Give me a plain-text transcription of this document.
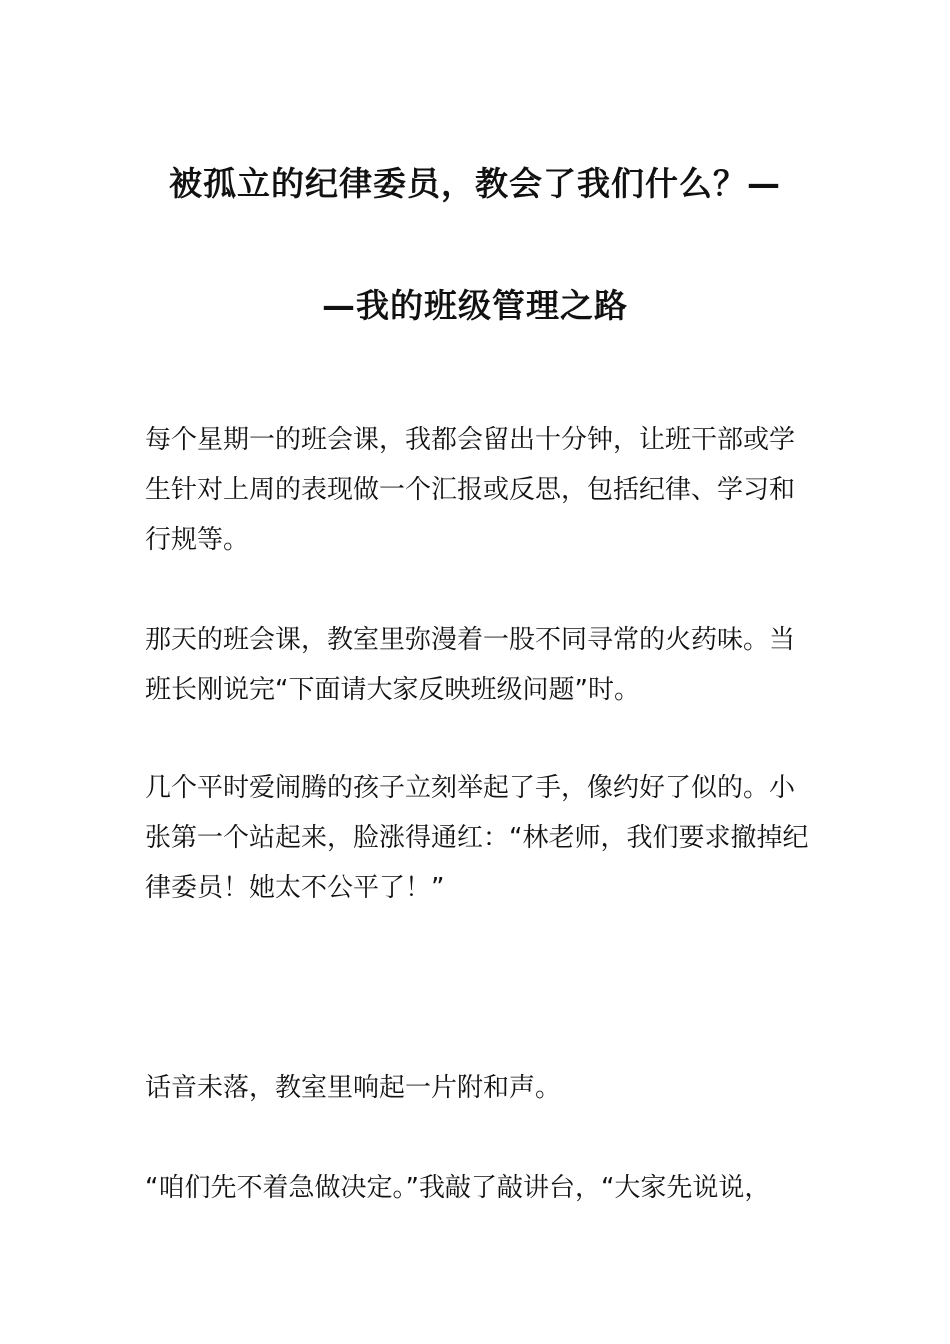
被孤立的纪律委员，教会了我们什么？—
—我的班级管理之路

每个星期一的班会课，我都会留出十分钟，让班干部或学生针对上周的表现做一个汇报或反思，包括纪律、学习和行规等。

那天的班会课，教室里弥漫着一股不同寻常的火药味。当班长刚说完“下面请大家反映班级问题”时。

几个平时爱闹腾的孩子立刻举起了手，像约好了似的。小张第一个站起来，脸涨得通红：“林老师，我们要求撤掉纪律委员！她太不公平了！”

话音未落，教室里响起一片附和声。

“咱们先不着急做决定。”我敲了敲讲台，“大家先说说，
